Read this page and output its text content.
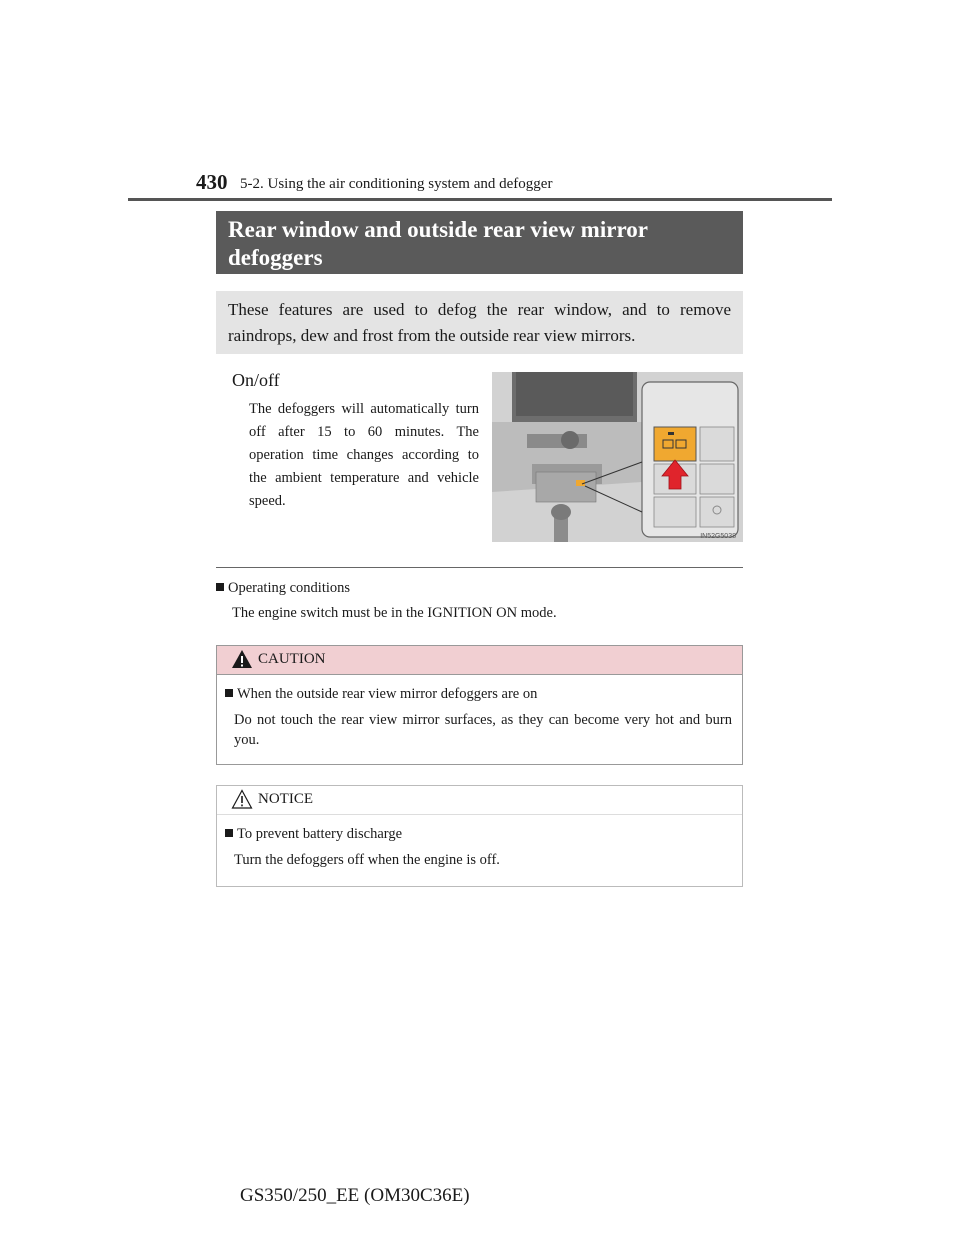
430 5-2. Using the air conditioning system and defogger
Rear window and outside rear view mirror
defoggers
These features are used to defog the rear window, and to remove raindrops, dew and frost from the outside rear view mirrors.
On/off
The defoggers will automatically turn off after 15 to 60 minutes. The operation time changes according to the ambient temperature and vehicle speed.
IN52G5038
Operating conditions
The engine switch must be in the IGNITION ON mode.
CAUTION
When the outside rear view mirror defoggers are on
Do not touch the rear view mirror surfaces, as they can become very hot and burn you.
NOTICE
To prevent battery discharge
Turn the defoggers off when the engine is off.
GS350/250_EE (OM30C36E)
